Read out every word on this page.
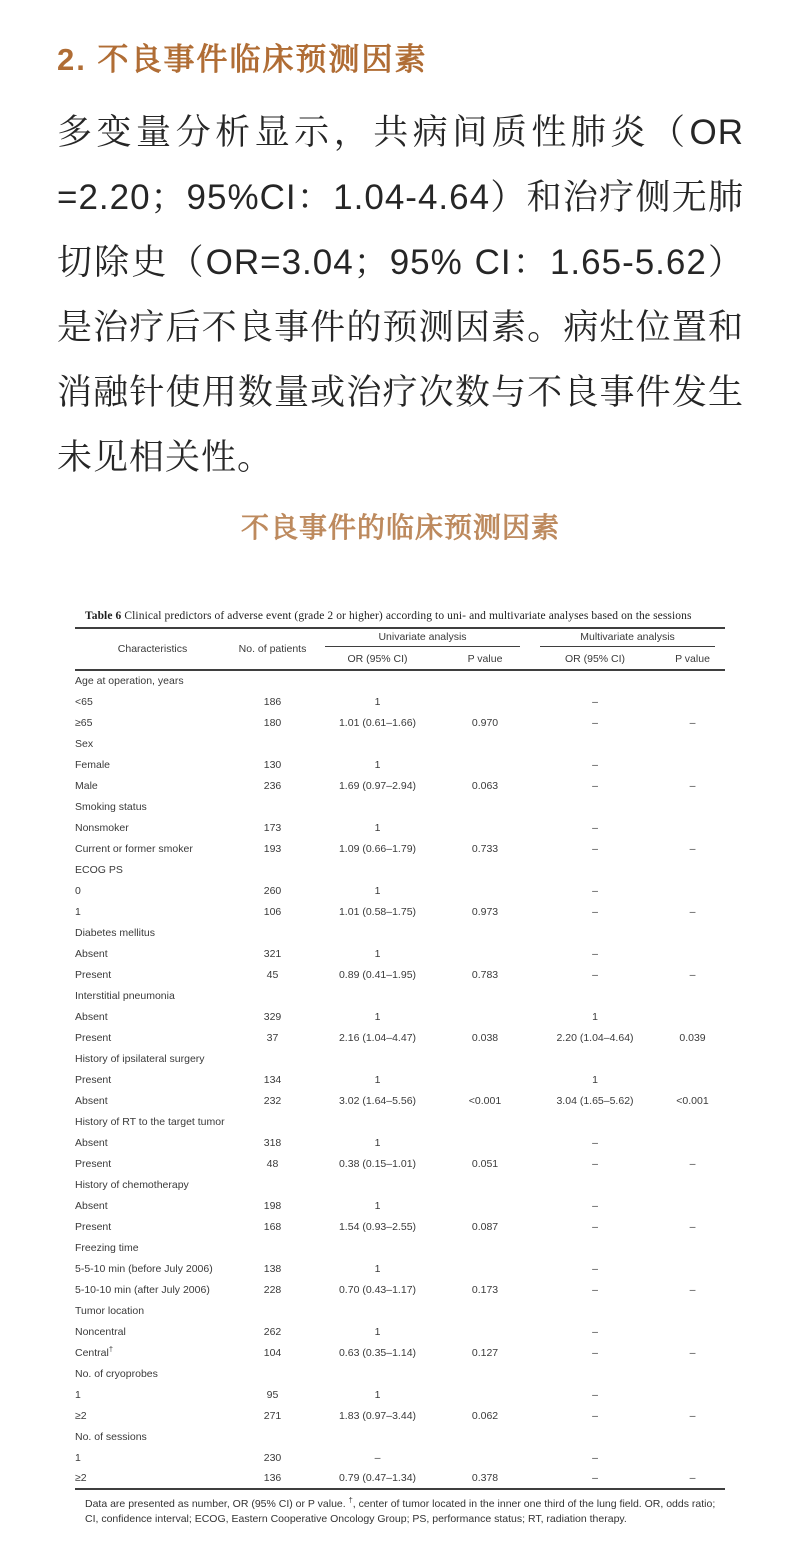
2. 不良事件临床预测因素
多变量分析显示，共病间质性肺炎（OR
=2.20；95%CI：1.04-4.64）和治疗侧无肺
切除史（OR=3.04；95% CI：1.65-5.62）
是治疗后不良事件的预测因素。病灶位置和
消融针使用数量或治疗次数与不良事件发生
未见相关性。
不良事件的临床预测因素
Table 6 Clinical predictors of adverse event (grade 2 or higher) according to uni- and multivariate analyses based on the sessions
Characteristics	No. of patients	Univariate analysis		Multivariate analysis	

		OR (95% CI)	P value	OR (95% CI)	P value
Age at operation, years					
<65	186	1		–	
≥65	180	1.01 (0.61–1.66)	0.970	–	–
Sex					
Female	130	1		–	
Male	236	1.69 (0.97–2.94)	0.063	–	–
Smoking status					
Nonsmoker	173	1		–	
Current or former smoker	193	1.09 (0.66–1.79)	0.733	–	–
ECOG PS					
0	260	1		–	
1	106	1.01 (0.58–1.75)	0.973	–	–
Diabetes mellitus					
Absent	321	1		–	
Present	45	0.89 (0.41–1.95)	0.783	–	–
Interstitial pneumonia					
Absent	329	1		1	
Present	37	2.16 (1.04–4.47)	0.038	2.20 (1.04–4.64)	0.039
History of ipsilateral surgery					
Present	134	1		1	
Absent	232	3.02 (1.64–5.56)	<0.001	3.04 (1.65–5.62)	<0.001
History of RT to the target tumor					
Absent	318	1		–	
Present	48	0.38 (0.15–1.01)	0.051	–	–
History of chemotherapy					
Absent	198	1		–	
Present	168	1.54 (0.93–2.55)	0.087	–	–
Freezing time					
5-5-10 min (before July 2006)	138	1		–	
5-10-10 min (after July 2006)	228	0.70 (0.43–1.17)	0.173	–	–
Tumor location					
Noncentral	262	1		–	
Central†	104	0.63 (0.35–1.14)	0.127	–	–
No. of cryoprobes					
1	95	1		–	
≥2	271	1.83 (0.97–3.44)	0.062	–	–
No. of sessions					
1	230	–		–	
≥2	136	0.79 (0.47–1.34)	0.378	–	–

Data are presented as number, OR (95% CI) or P value. †, center of tumor located in the inner one third of the lung field. OR, odds ratio; CI, confidence interval; ECOG, Eastern Cooperative Oncology Group; PS, performance status; RT, radiation therapy.
